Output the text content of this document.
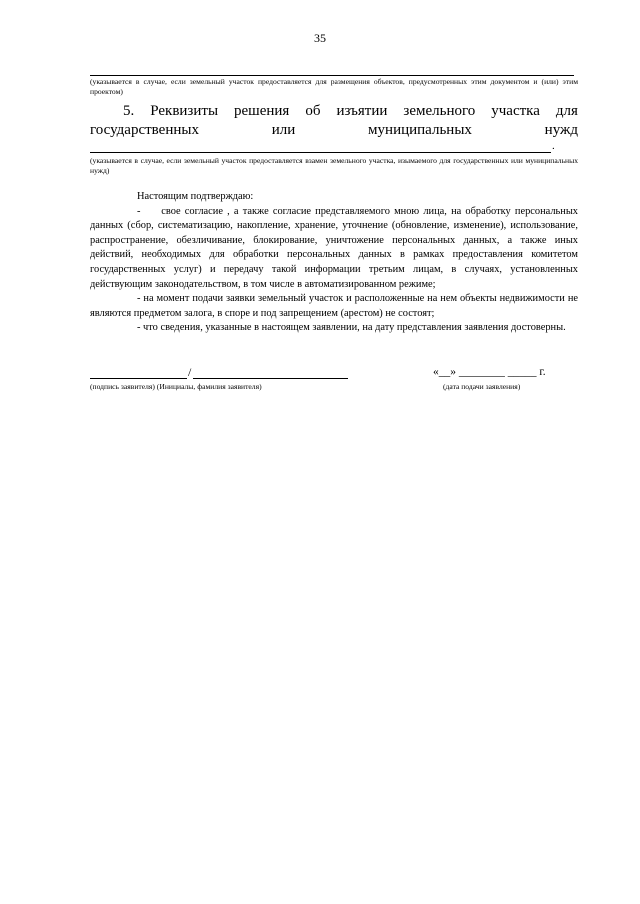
35
(указывается в случае, если земельный участок предоставляется для размещения объектов, предусмотренных этим документом и (или) этим проектом)
5. Реквизиты решения об изъятии земельного участка для
государственных	или	муниципальных	нужд
.
(указывается в случае, если земельный участок предоставляется взамен земельного участка, изымаемого для государственных или муниципальных нужд)

Настоящим подтверждаю:

-  свое согласие , а также согласие представляемого мною лица, на обработку персональных данных (сбор, систематизацию, накопление, хранение, уточнение (обновление, изменение), использование, распространение, обезличивание, блокирование, уничтожение персональных данных, а также иных действий, необходимых для обработки персональных данных в рамках предоставления комитетом государственных услуг) и передачу такой информации третьим лицам, в случаях, установленных действующим законодательством, в том числе в автоматизированном режиме;

- на момент подачи заявки земельный участок и расположенные на нем объекты недвижимости не являются предметом залога, в споре и под запрещением (арестом) не состоят;

- что сведения, указанные в настоящем заявлении, на дату представления заявления достоверны.

/
(подпись заявителя) (Инициалы, фамилия заявителя)
«__» ________ _____ г.
(дата подачи заявления)
